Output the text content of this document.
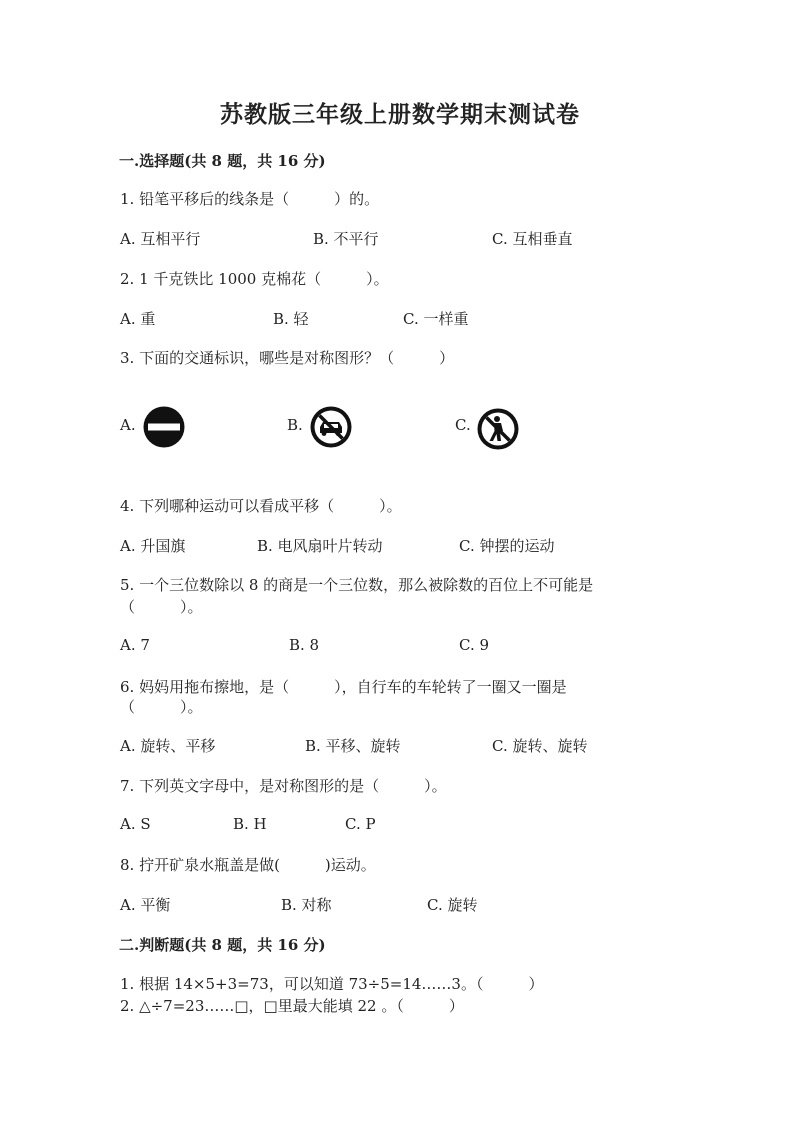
苏教版三年级上册数学期末测试卷
一.选择题(共 8 题，共 16 分)
1. 铅笔平移后的线条是（　　　）的。
A. 互相平行	B. 不平行	C. 互相垂直
2. 1 千克铁比 1000 克棉花（　　　）。
A. 重	B. 轻	C. 一样重
3. 下面的交通标识，哪些是对称图形？（　　　）
A.	B.	C.
4. 下列哪种运动可以看成平移（　　　）。
A. 升国旗	B. 电风扇叶片转动	C. 钟摆的运动
5. 一个三位数除以 8 的商是一个三位数，那么被除数的百位上不可能是
（　　　）。
A. 7	B. 8	C. 9
6. 妈妈用拖布擦地，是（　　　），自行车的车轮转了一圈又一圈是
（　　　）。
A. 旋转、平移	B. 平移、旋转	C. 旋转、旋转
7. 下列英文字母中，是对称图形的是（　　　）。
A. S	B. H	C. P
8. 拧开矿泉水瓶盖是做(　　　)运动。
A. 平衡	B. 对称	C. 旋转
二.判断题(共 8 题，共 16 分)
1. 根据 14×5+3=73，可以知道 73÷5=14……3。（　　　）
2. △÷7=23……□，□里最大能填 22 。（　　　）
